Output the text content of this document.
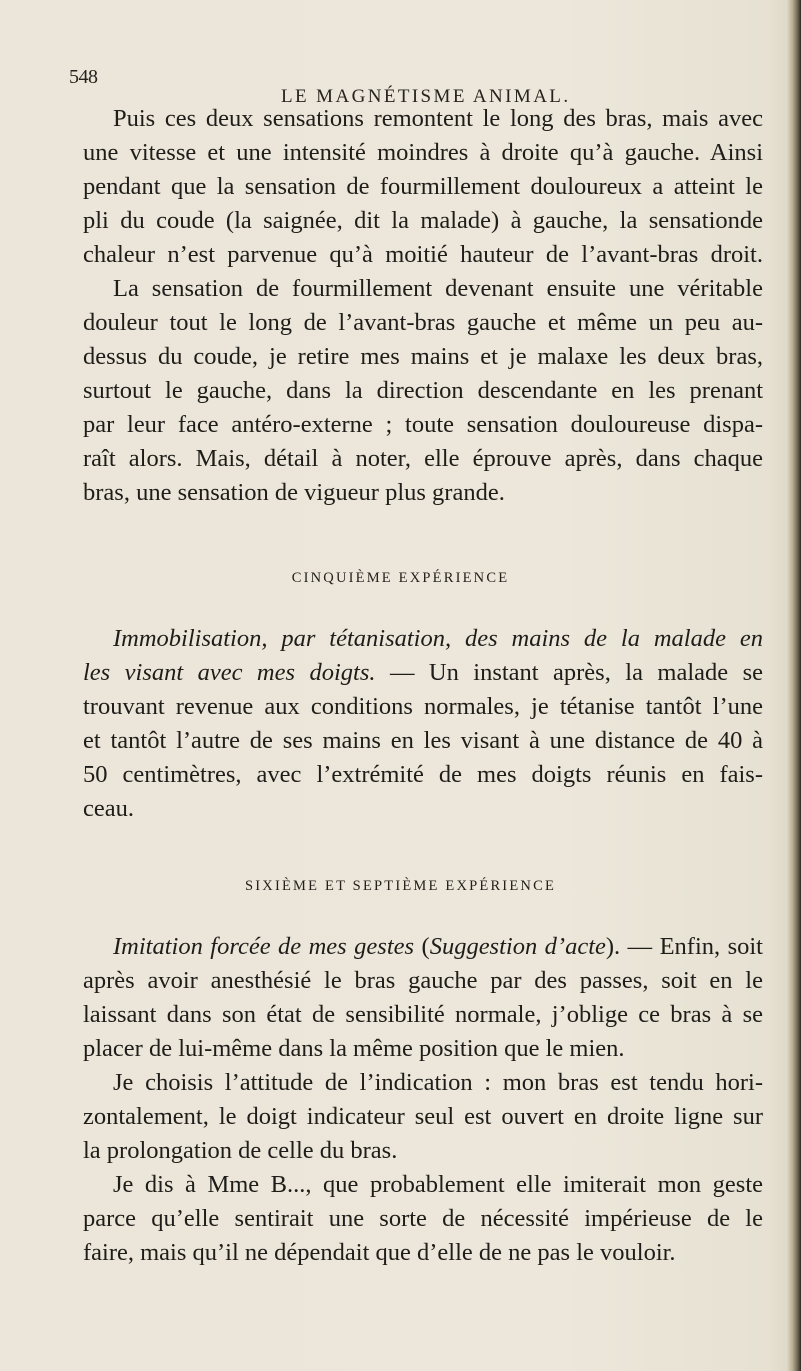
548
LE MAGNÉTISME ANIMAL.
Puis ces deux sensations remontent le long des bras, mais avec
une vitesse et une intensité moindres à droite qu’à gauche. Ainsi
pendant que la sensation de fourmillement douloureux a atteint le
pli du coude (la saignée, dit la malade) à gauche, la sensationde
chaleur n’est parvenue qu’à moitié hauteur de l’avant-bras droit.
La sensation de fourmillement devenant ensuite une véritable
douleur tout le long de l’avant-bras gauche et même un peu au-
dessus du coude, je retire mes mains et je malaxe les deux bras,
surtout le gauche, dans la direction descendante en les prenant
par leur face antéro-externe ; toute sensation douloureuse dispa-
raît alors. Mais, détail à noter, elle éprouve après, dans chaque
bras, une sensation de vigueur plus grande.
CINQUIÈME EXPÉRIENCE
Immobilisation, par tétanisation, des mains de la malade en
les visant avec mes doigts. — Un instant après, la malade se
trouvant revenue aux conditions normales, je tétanise tantôt l’une
et tantôt l’autre de ses mains en les visant à une distance de 40 à
50 centimètres, avec l’extrémité de mes doigts réunis en fais-
ceau.
SIXIÈME ET SEPTIÈME EXPÉRIENCE
Imitation forcée de mes gestes (Suggestion d’acte). — Enfin, soit
après avoir anesthésié le bras gauche par des passes, soit en le
laissant dans son état de sensibilité normale, j’oblige ce bras à se
placer de lui-même dans la même position que le mien.
Je choisis l’attitude de l’indication : mon bras est tendu hori-
zontalement, le doigt indicateur seul est ouvert en droite ligne sur
la prolongation de celle du bras.
Je dis à Mme B..., que probablement elle imiterait mon geste
parce qu’elle sentirait une sorte de nécessité impérieuse de le
faire, mais qu’il ne dépendait que d’elle de ne pas le vouloir.
